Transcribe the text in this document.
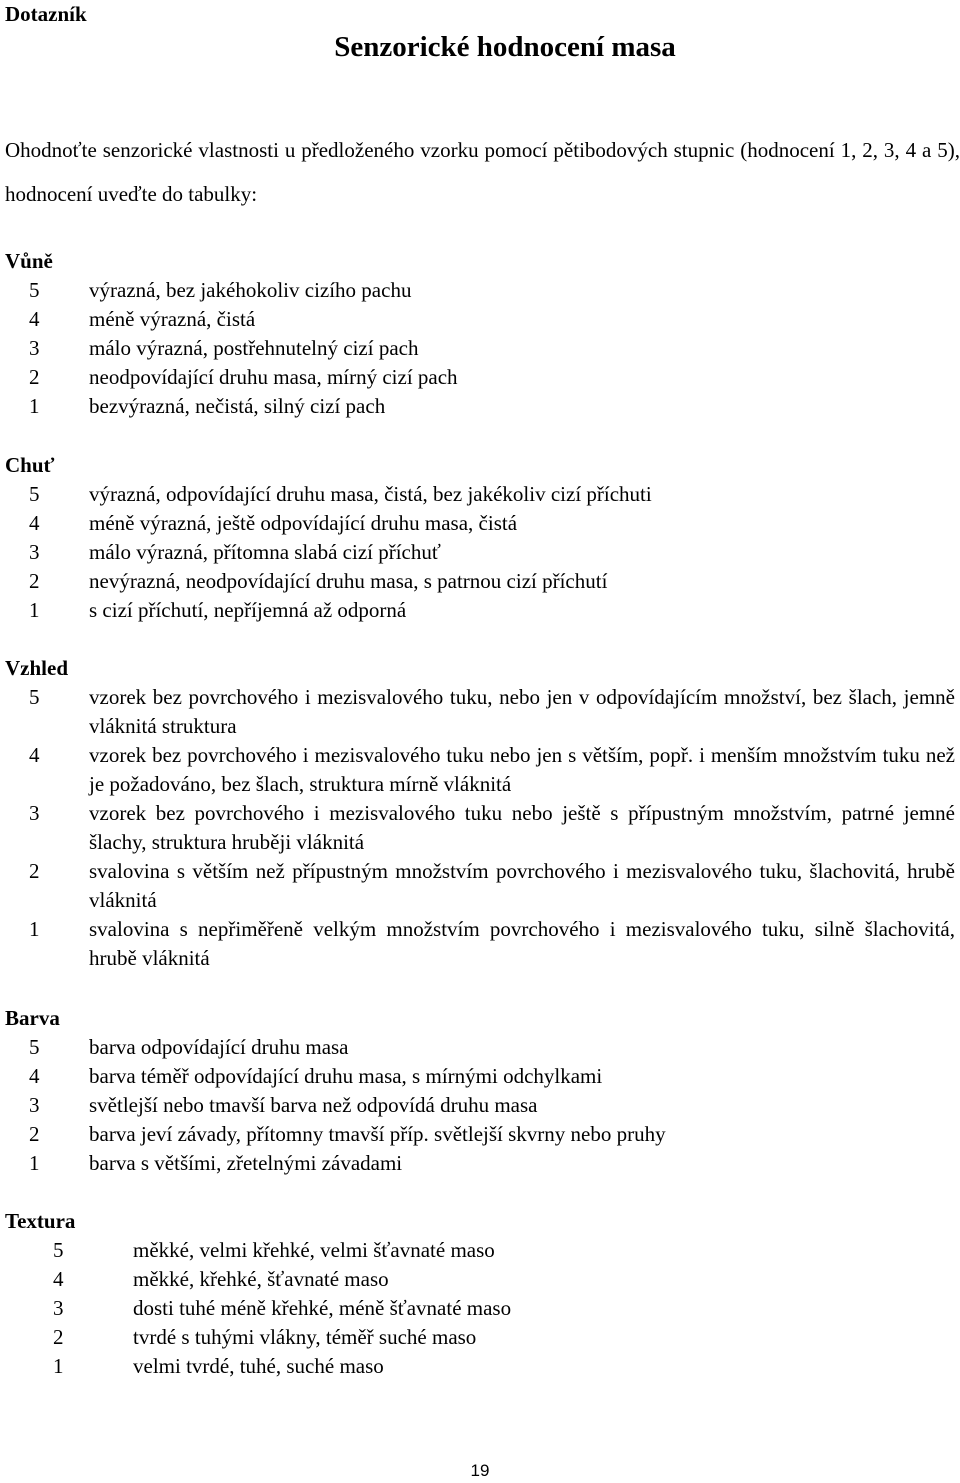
Dotazník
Senzorické hodnocení masa
Ohodnoťte senzorické vlastnosti u předloženého vzorku pomocí pětibodových stupnic (hodnocení 1, 2, 3, 4 a 5), hodnocení uveďte do tabulky:
Vůně
5	výrazná, bez jakéhokoliv cizího pachu
4	méně výrazná, čistá
3	málo výrazná, postřehnutelný cizí pach
2	neodpovídající druhu masa, mírný cizí pach
1	bezvýrazná, nečistá, silný cizí pach
Chuť
5	výrazná, odpovídající druhu masa, čistá, bez jakékoliv cizí příchuti
4	méně výrazná, ještě odpovídající druhu masa, čistá
3	málo výrazná, přítomna slabá cizí příchuť
2	nevýrazná, neodpovídající druhu masa, s patrnou cizí příchutí
1	s cizí příchutí, nepříjemná až odporná
Vzhled
5	vzorek bez povrchového i mezisvalového tuku, nebo jen v odpovídajícím množství, bez šlach, jemně vláknitá struktura
4	vzorek bez povrchového i mezisvalového tuku nebo jen s větším, popř. i menším množstvím tuku než je požadováno, bez šlach, struktura mírně vláknitá
3	vzorek bez povrchového i mezisvalového tuku nebo ještě s přípustným množstvím, patrné jemné šlachy, struktura hruběji vláknitá
2	svalovina s větším než přípustným množstvím povrchového i mezisvalového tuku, šlachovitá, hrubě vláknitá
1	svalovina s nepřiměřeně velkým množstvím povrchového i mezisvalového tuku, silně šlachovitá, hrubě vláknitá
Barva
5	barva odpovídající druhu masa
4	barva téměř odpovídající druhu masa, s mírnými odchylkami
3	světlejší nebo tmavší barva než odpovídá druhu masa
2	barva jeví závady, přítomny tmavší příp. světlejší skvrny nebo pruhy
1	barva s většími, zřetelnými závadami
Textura
5	měkké, velmi křehké, velmi šťavnaté maso
4	měkké, křehké, šťavnaté maso
3	dosti tuhé méně křehké, méně šťavnaté maso
2	tvrdé s tuhými vlákny, téměř suché maso
1	velmi tvrdé, tuhé, suché maso
19
